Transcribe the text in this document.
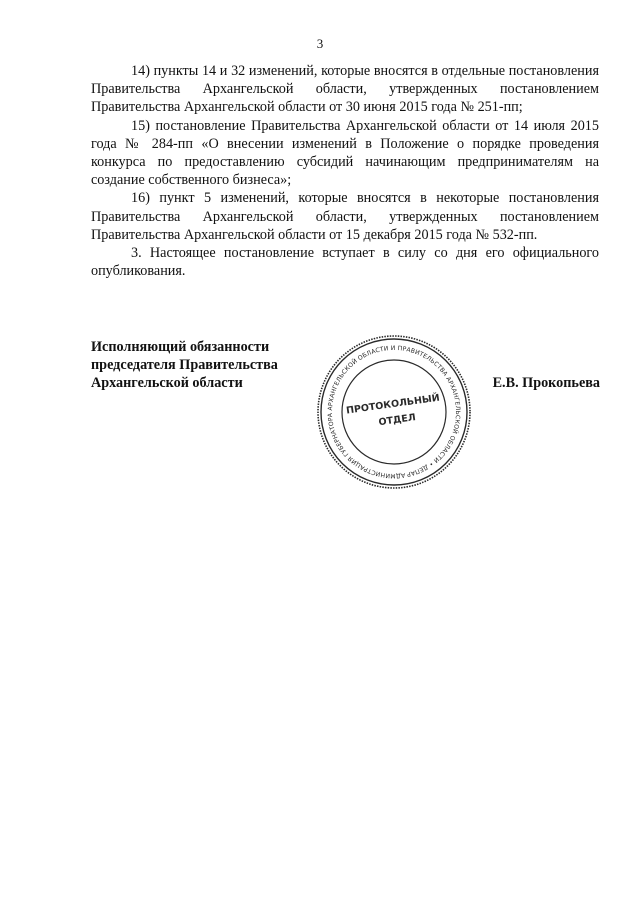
3

14) пункты 14 и 32 изменений, которые вносятся в отдельные постановления Правительства Архангельской области, утвержденных постановлением Правительства Архангельской области от 30 июня 2015 года № 251-пп;

15) постановление Правительства Архангельской области от 14 июля 2015 года № 284-пп «О внесении изменений в Положение о порядке проведения конкурса по предоставлению субсидий начинающим предпринимателям на создание собственного бизнеса»;

16) пункт 5 изменений, которые вносятся в некоторые постановления Правительства Архангельской области, утвержденных постановлением Правительства Архангельской области от 15 декабря 2015 года № 532-пп.

3. Настоящее постановление вступает в силу со дня его официального опубликования.

Исполняющий обязанности
председателя Правительства
Архангельской области
АДМИНИСТРАЦИЯ ГУБЕРНАТОРА АРХАНГЕЛЬСКОЙ ОБЛАСТИ И ПРАВИТЕЛЬСТВА АРХАНГЕЛЬСКОЙ ОБЛАСТИ • ДЕПАРТАМЕНТ
ПРОТОКОЛЬНЫЙ
ОТДЕЛ
Е.В. Прокопьева
